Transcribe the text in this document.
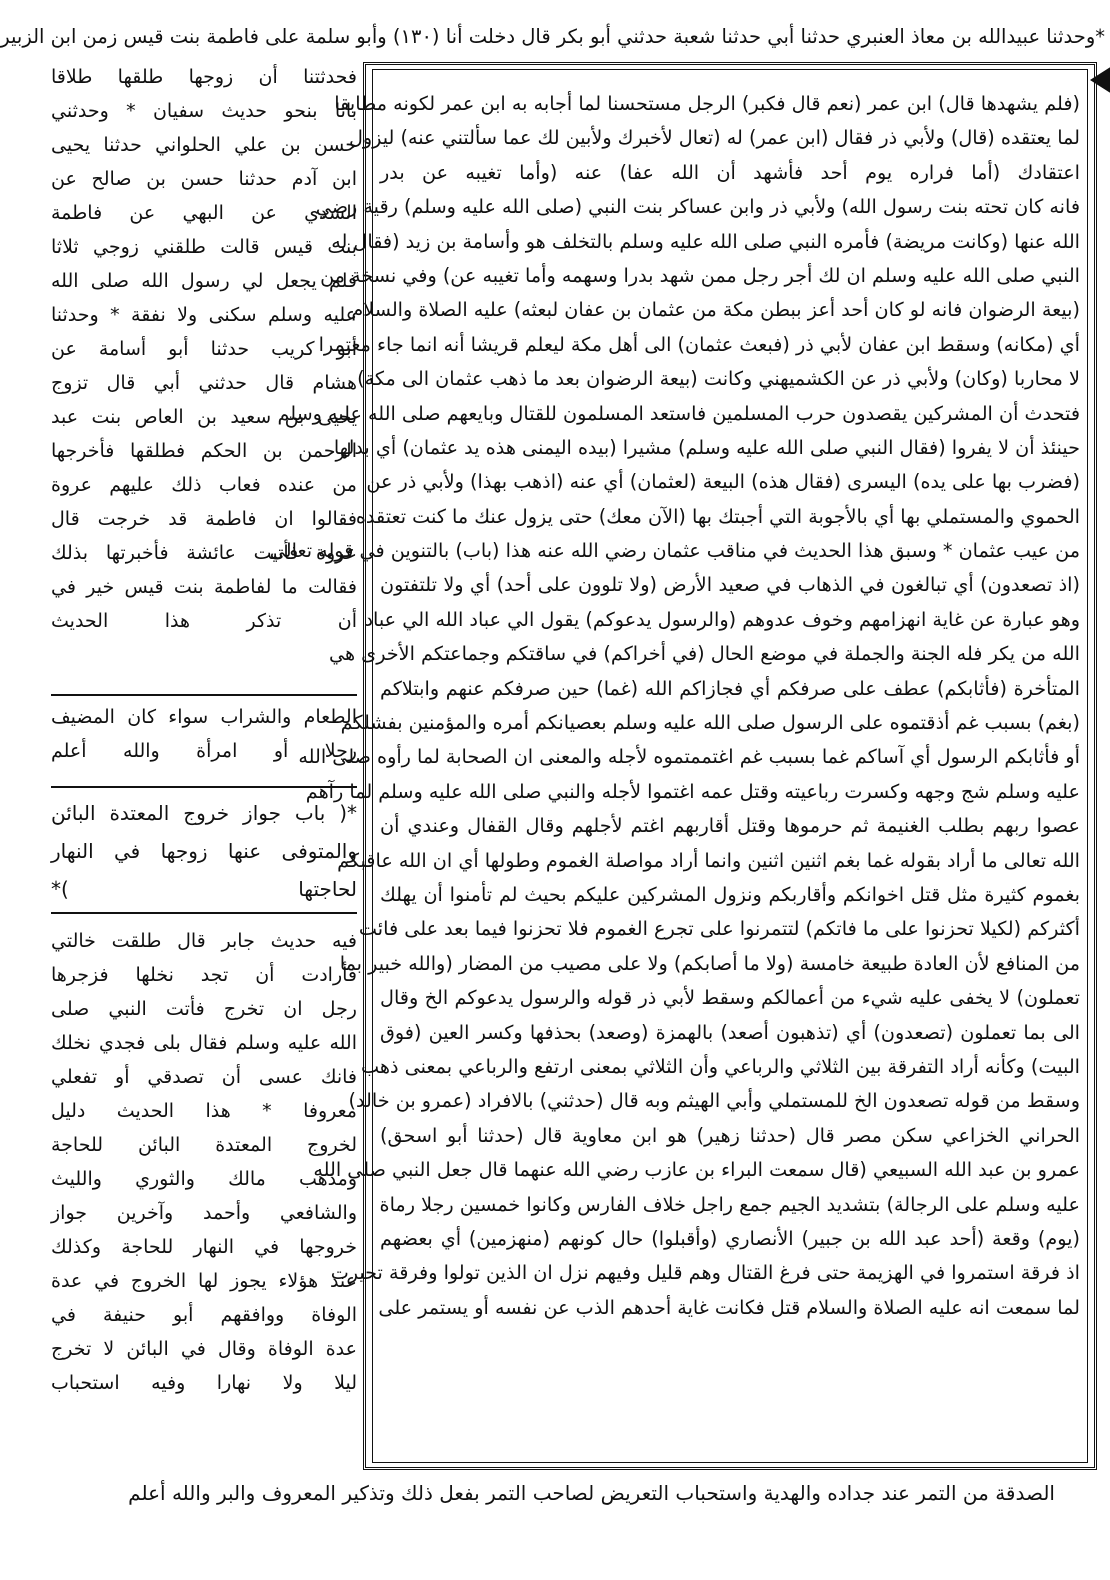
*وحدثنا عبيدالله بن معاذ العنبري حدثنا أبي حدثنا شعبة حدثني أبو بكر قال دخلت أنا (١٣٠) وأبو سلمة على فاطمة بنت قيس زمن ابن الزبير
(فلم يشهدها قال) ابن عمر (نعم قال فكبر) الرجل مستحسنا لما أجابه به ابن عمر لكونه مطابقا
لما يعتقده (قال) ولأبي ذر فقال (ابن عمر) له (تعال لأخبرك ولأبين لك عما سألتني عنه) ليزول
اعتقادك (أما فراره يوم أحد فأشهد أن الله عفا) عنه (وأما تغيبه عن بدر
فانه كان تحته بنت رسول الله) ولأبي ذر وابن عساكر بنت النبي (صلى الله عليه وسلم) رقية رضي
الله عنها (وكانت مريضة) فأمره النبي صلى الله عليه وسلم بالتخلف هو وأسامة بن زيد (فقال له
النبي صلى الله عليه وسلم ان لك أجر رجل ممن شهد بدرا وسهمه وأما تغيبه عن) وفي نسخة من
(بيعة الرضوان فانه لو كان أحد أعز ببطن مكة من عثمان بن عفان لبعثه) عليه الصلاة والسلام
أي (مكانه) وسقط ابن عفان لأبي ذر (فبعث عثمان) الى أهل مكة ليعلم قريشا أنه انما جاء معتمرا
لا محاربا (وكان) ولأبي ذر عن الكشميهني وكانت (بيعة الرضوان بعد ما ذهب عثمان الى مكة)
فتحدث أن المشركين يقصدون حرب المسلمين فاستعد المسلمون للقتال وبايعهم صلى الله عليه وسلم
حينئذ أن لا يفروا (فقال النبي صلى الله عليه وسلم) مشيرا (بيده اليمنى هذه يد عثمان) أي بدلها
(فضرب بها على يده) اليسرى (فقال هذه) البيعة (لعثمان) أي عنه (اذهب بهذا) ولأبي ذر عن
الحموي والمستملي بها أي بالأجوبة التي أجبتك بها (الآن معك) حتى يزول عنك ما كنت تعتقده
من عيب عثمان * وسبق هذا الحديث في مناقب عثمان رضي الله عنه هذا (باب) بالتنوين في قوله تعالى
(اذ تصعدون) أي تبالغون في الذهاب في صعيد الأرض (ولا تلوون على أحد) أي ولا تلتفتون
وهو عبارة عن غاية انهزامهم وخوف عدوهم (والرسول يدعوكم) يقول الي عباد الله الي عباد
الله من يكر فله الجنة والجملة في موضع الحال (في أخراكم) في ساقتكم وجماعتكم الأخرى هي
المتأخرة (فأثابكم) عطف على صرفكم أي فجازاكم الله (غما) حين صرفكم عنهم وابتلاكم
(بغم) بسبب غم أذقتموه على الرسول صلى الله عليه وسلم بعصيانكم أمره والمؤمنين بفشلكم
أو فأثابكم الرسول أي آساكم غما بسبب غم اغتممتموه لأجله والمعنى ان الصحابة لما رأوه صلى الله
عليه وسلم شج وجهه وكسرت رباعيته وقتل عمه اغتموا لأجله والنبي صلى الله عليه وسلم لما رآهم
عصوا ربهم بطلب الغنيمة ثم حرموها وقتل أقاربهم اغتم لأجلهم وقال القفال وعندي أن
الله تعالى ما أراد بقوله غما بغم اثنين اثنين وانما أراد مواصلة الغموم وطولها أي ان الله عاقبكم
بغموم كثيرة مثل قتل اخوانكم وأقاربكم ونزول المشركين عليكم بحيث لم تأمنوا أن يهلك
أكثركم (لكيلا تحزنوا على ما فاتكم) لتتمرنوا على تجرع الغموم فلا تحزنوا فيما بعد على فائت
من المنافع لأن العادة طبيعة خامسة (ولا ما أصابكم) ولا على مصيب من المضار (والله خبير بما
تعملون) لا يخفى عليه شيء من أعمالكم وسقط لأبي ذر قوله والرسول يدعوكم الخ وقال
الى بما تعملون (تصعدون) أي (تذهبون أصعد) بالهمزة (وصعد) بحذفها وكسر العين (فوق
البيت) وكأنه أراد التفرقة بين الثلاثي والرباعي وأن الثلاثي بمعنى ارتفع والرباعي بمعنى ذهب
وسقط من قوله تصعدون الخ للمستملي وأبي الهيثم وبه قال (حدثني) بالافراد (عمرو بن خالد)
الحراني الخزاعي سكن مصر قال (حدثنا زهير) هو ابن معاوية قال (حدثنا أبو اسحق)
عمرو بن عبد الله السبيعي (قال سمعت البراء بن عازب رضي الله عنهما قال جعل النبي صلى الله
عليه وسلم على الرجالة) بتشديد الجيم جمع راجل خلاف الفارس وكانوا خمسين رجلا رماة
(يوم) وقعة (أحد عبد الله بن جبير) الأنصاري (وأقبلوا) حال كونهم (منهزمين) أي بعضهم
اذ فرقة استمروا في الهزيمة حتى فرغ القتال وهم قليل وفيهم نزل ان الذين تولوا وفرقة تحيرت
لما سمعت انه عليه الصلاة والسلام قتل فكانت غاية أحدهم الذب عن نفسه أو يستمر على
فحدثتنا أن زوجها طلقها طلاقا
باتا بنحو حديث سفيان * وحدثني
حسن بن علي الحلواني حدثنا يحيى
ابن آدم حدثنا حسن بن صالح عن
السدي عن البهي عن فاطمة
بنت قيس قالت طلقني زوجي ثلاثا
فلم يجعل لي رسول الله صلى الله
عليه وسلم سكنى ولا نفقة * وحدثنا
أبو كريب حدثنا أبو أسامة عن
هشام قال حدثني أبي قال تزوج
يحيى بن سعيد بن العاص بنت عبد
الرحمن بن الحكم فطلقها فأخرجها
من عنده فعاب ذلك عليهم عروة
فقالوا ان فاطمة قد خرجت قال
عروة فأتيت عائشة فأخبرتها بذلك
فقالت ما لفاطمة بنت قيس خير في
أن تذكر هذا الحديث
الطعام والشراب سواء كان المضيف
رجلا أو امرأة والله أعلم
*( باب جواز خروج المعتدة البائن
والمتوفى عنها زوجها في النهار
لحاجتها )*
فيه حديث جابر قال طلقت خالتي
فأرادت أن تجد نخلها فزجرها
رجل ان تخرج فأتت النبي صلى
الله عليه وسلم فقال بلى فجدي نخلك
فانك عسى أن تصدقي أو تفعلي
معروفا * هذا الحديث دليل
لخروج المعتدة البائن للحاجة
ومذهب مالك والثوري والليث
والشافعي وأحمد وآخرين جواز
خروجها في النهار للحاجة وكذلك
عند هؤلاء يجوز لها الخروج في عدة
الوفاة ووافقهم أبو حنيفة في
عدة الوفاة وقال في البائن لا تخرج
ليلا ولا نهارا وفيه استحباب
الصدقة من التمر عند جداده والهدية واستحباب التعريض لصاحب التمر بفعل ذلك وتذكير المعروف والبر والله أعلم
